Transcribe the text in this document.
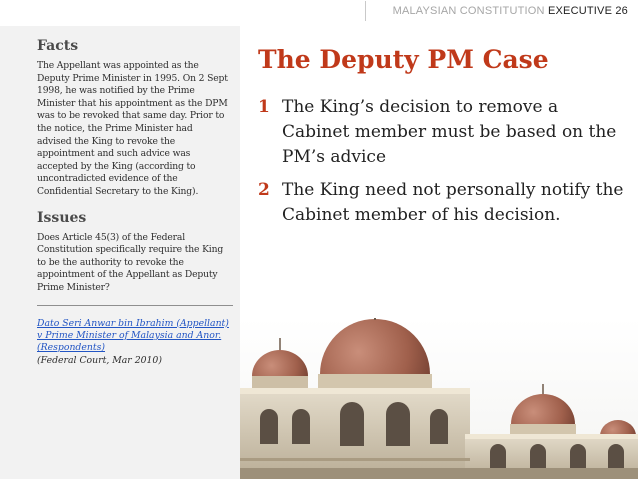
MALAYSIAN CONSTITUTION EXECUTIVE 26
Facts

The Appellant was appointed as the Deputy Prime Minister in 1995. On 2 Sept 1998, he was notified by the Prime Minister that his appointment as the DPM was to be revoked that same day. Prior to the notice, the Prime Minister had advised the King to revoke the appointment and such advice was accepted by the King (according to uncontradicted evidence of the Confidential Secretary to the King).

Issues

Does Article 45(3) of the Federal Constitution specifically require the King to be the authority to revoke the appointment of the Appellant as Deputy Prime Minister?

Dato Seri Anwar bin Ibrahim (Appellant) v Prime Minister of Malaysia and Anor. (Respondents)

(Federal Court, Mar 2010)

The Deputy PM Case
1 The King’s decision to remove a Cabinet member must be based on the PM’s advice
2 The King need not personally notify the Cabinet member of his decision.
